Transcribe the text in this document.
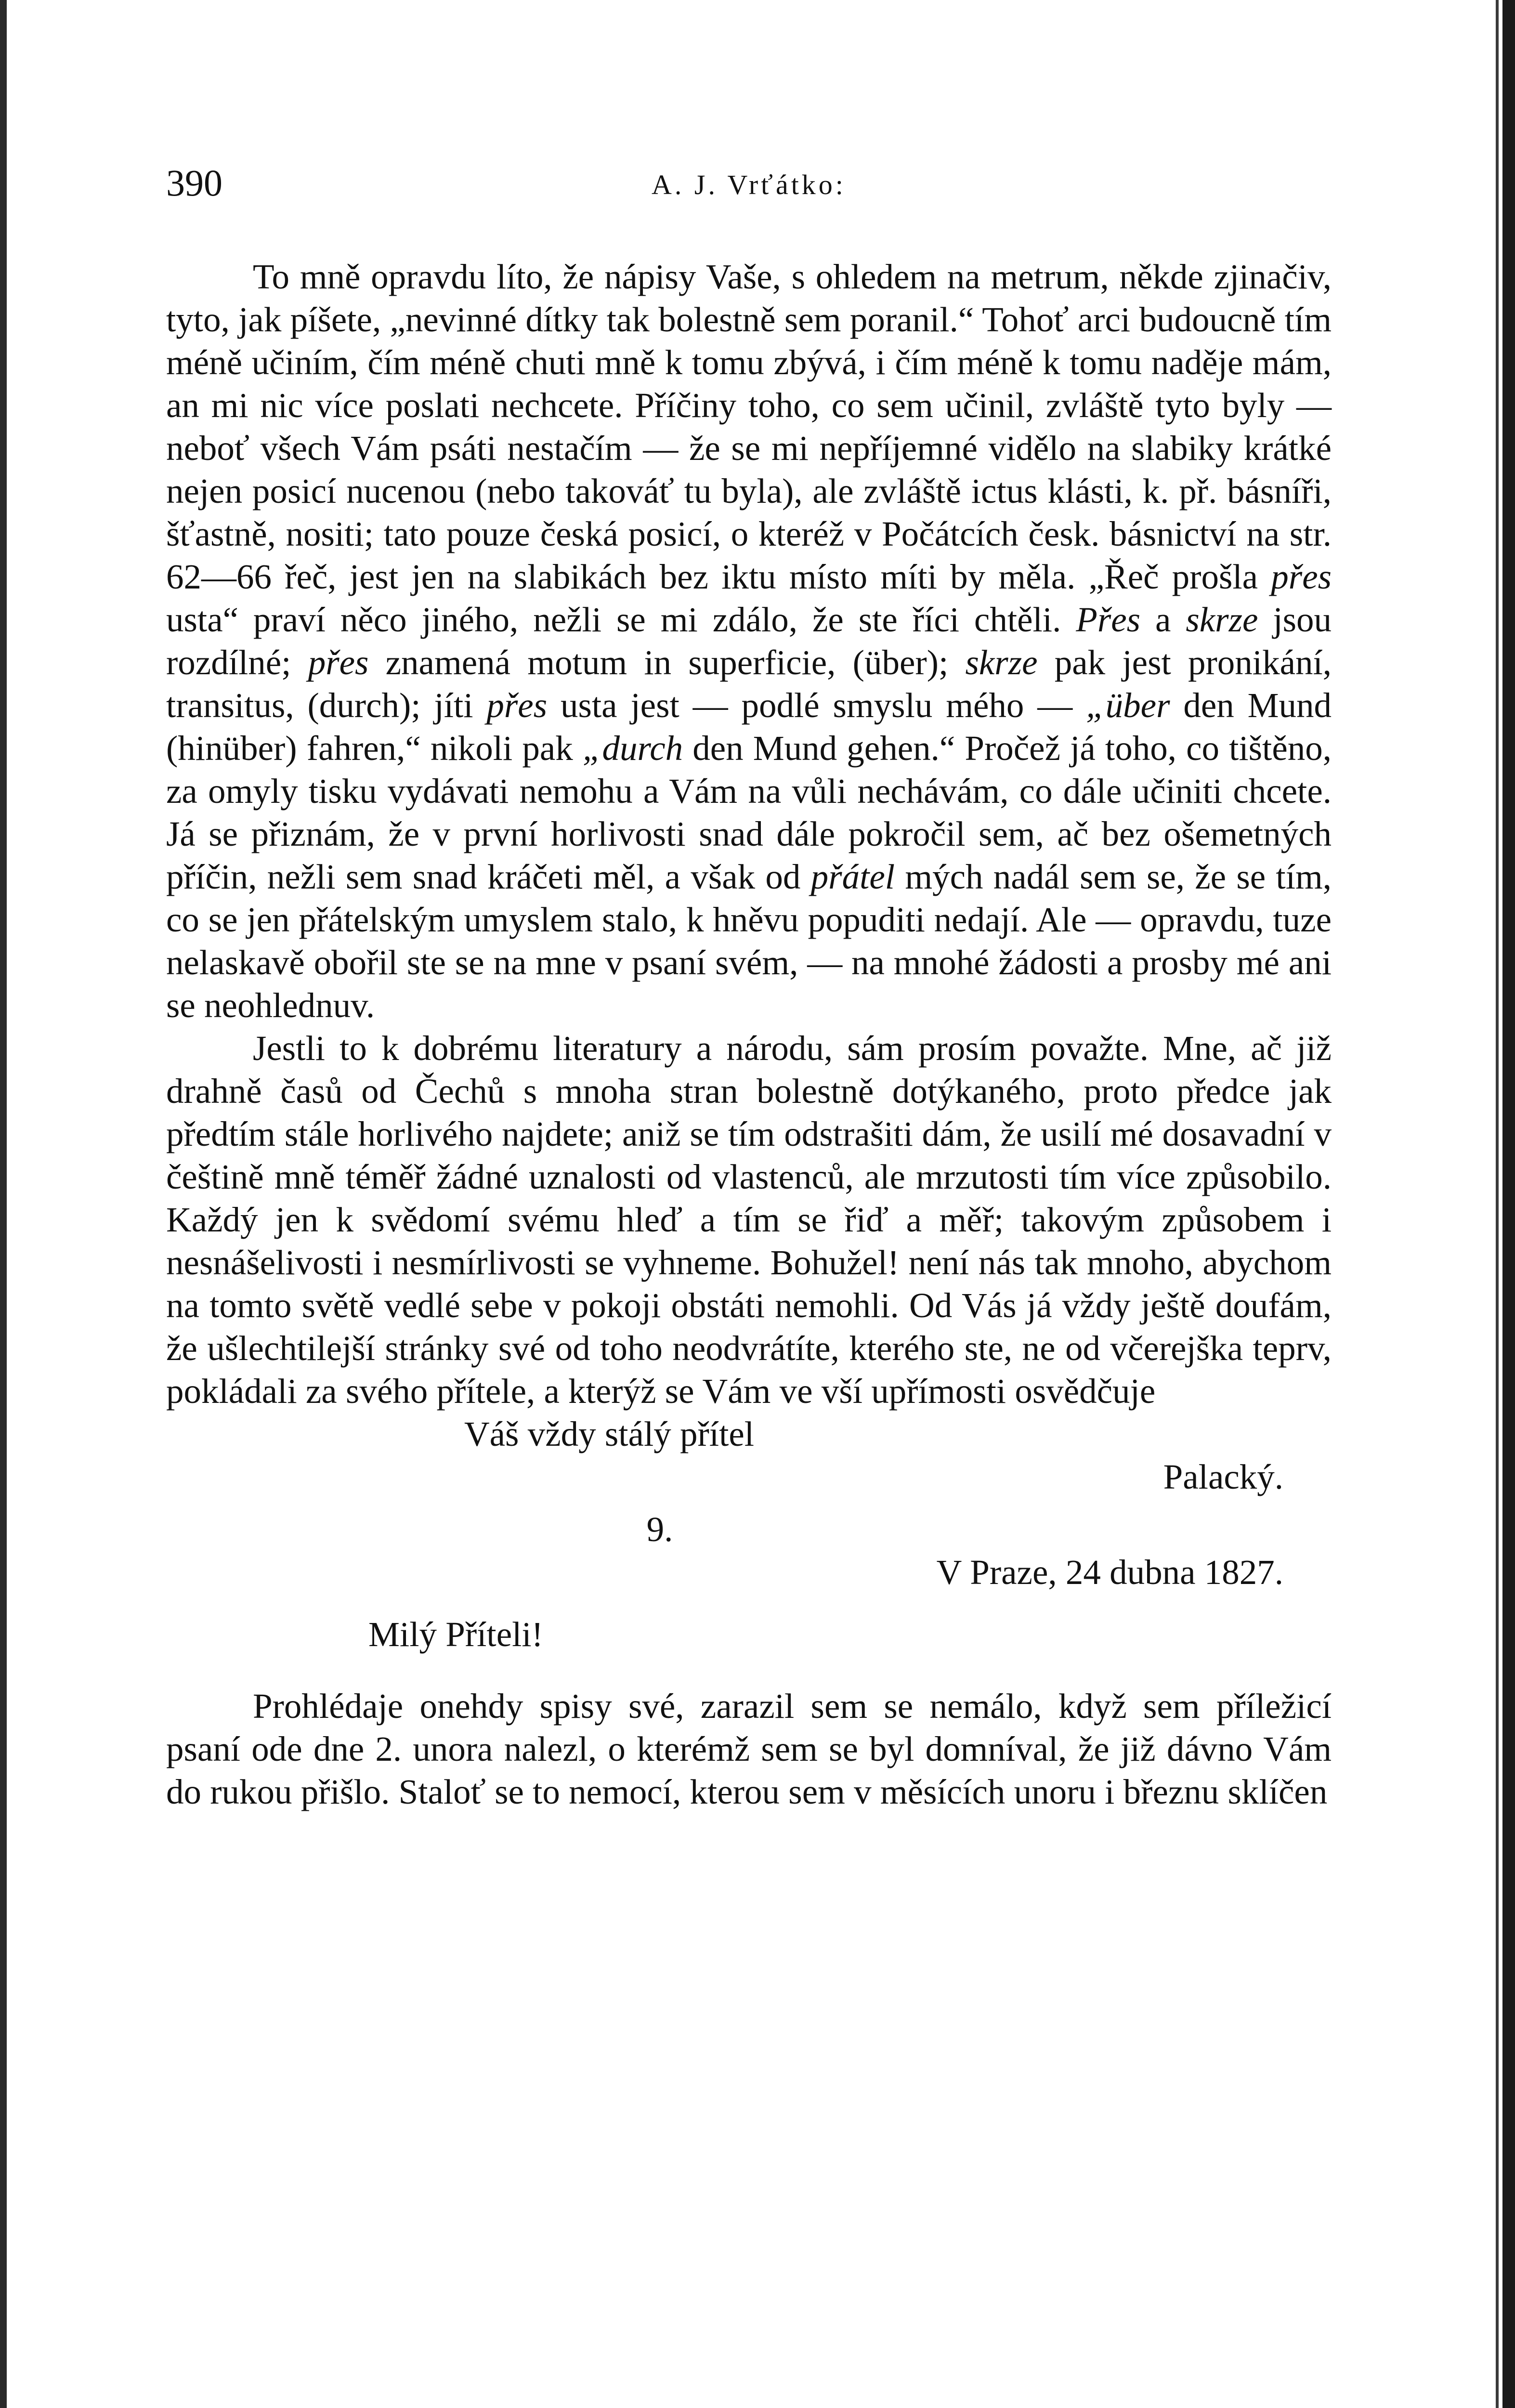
390	A. J. Vrťátko:

To mně opravdu líto, že nápisy Vaše, s ohledem na metrum, někde zjinačiv, tyto, jak píšete, „nevinné dítky tak bolestně sem poranil.“ Tohoť arci budoucně tím méně učiním, čím méně chuti mně k tomu zbývá, i čím méně k tomu naděje mám, an mi nic více poslati nechcete. Příčiny toho, co sem učinil, zvláště tyto byly — neboť všech Vám psáti nestačím — že se mi nepříjemné vidělo na slabiky krátké nejen posicí nucenou (nebo takováť tu byla), ale zvláště ictus klásti, k. př. básníři, šťastně, nositi; tato pouze česká posicí, o kteréž v Počátcích česk. básnictví na str. 62—66 řeč, jest jen na slabikách bez iktu místo míti by měla. „Řeč prošla přes usta“ praví něco jiného, nežli se mi zdálo, že ste říci chtěli. Přes a skrze jsou rozdílné; přes znamená motum in superficie, (über); skrze pak jest pronikání, transitus, (durch); jíti přes usta jest — podlé smyslu mého — „über den Mund (hinüber) fahren,“ nikoli pak „durch den Mund gehen.“ Pročež já toho, co tištěno, za omyly tisku vydávati nemohu a Vám na vůli nechávám, co dále učiniti chcete. Já se přiznám, že v první horlivosti snad dále pokročil sem, ač bez ošemetných příčin, nežli sem snad kráčeti měl, a však od přátel mých nadál sem se, že se tím, co se jen přátelským umyslem stalo, k hněvu popuditi nedají. Ale — opravdu, tuze nelaskavě obořil ste se na mne v psaní svém, — na mnohé žádosti a prosby mé ani se neohlednuv.

Jestli to k dobrému literatury a národu, sám prosím považte. Mne, ač již drahně časů od Čechů s mnoha stran bolestně dotýkaného, proto předce jak předtím stále horlivého najdete; aniž se tím odstrašiti dám, že usilí mé dosavadní v češtině mně téměř žádné uznalosti od vlastenců, ale mrzutosti tím více způsobilo. Každý jen k svědomí svému hleď a tím se řiď a měř; takovým způsobem i nesnášelivosti i nesmírlivosti se vyhneme. Bohužel! není nás tak mnoho, abychom na tomto světě vedlé sebe v pokoji obstáti nemohli. Od Vás já vždy ještě doufám, že ušlechtilejší stránky své od toho neodvrátíte, kterého ste, ne od včerejška teprv, pokládali za svého přítele, a kterýž se Vám ve vší upřímosti osvědčuje

Váš vždy stálý přítel

Palacký.

9.

V Praze, 24 dubna 1827.

Milý Příteli!

Prohlédaje onehdy spisy své, zarazil sem se nemálo, když sem příležicí psaní ode dne 2. unora nalezl, o kterémž sem se byl domníval, že již dávno Vám do rukou přišlo. Staloť se to nemocí, kterou sem v měsících unoru i březnu sklíčen
